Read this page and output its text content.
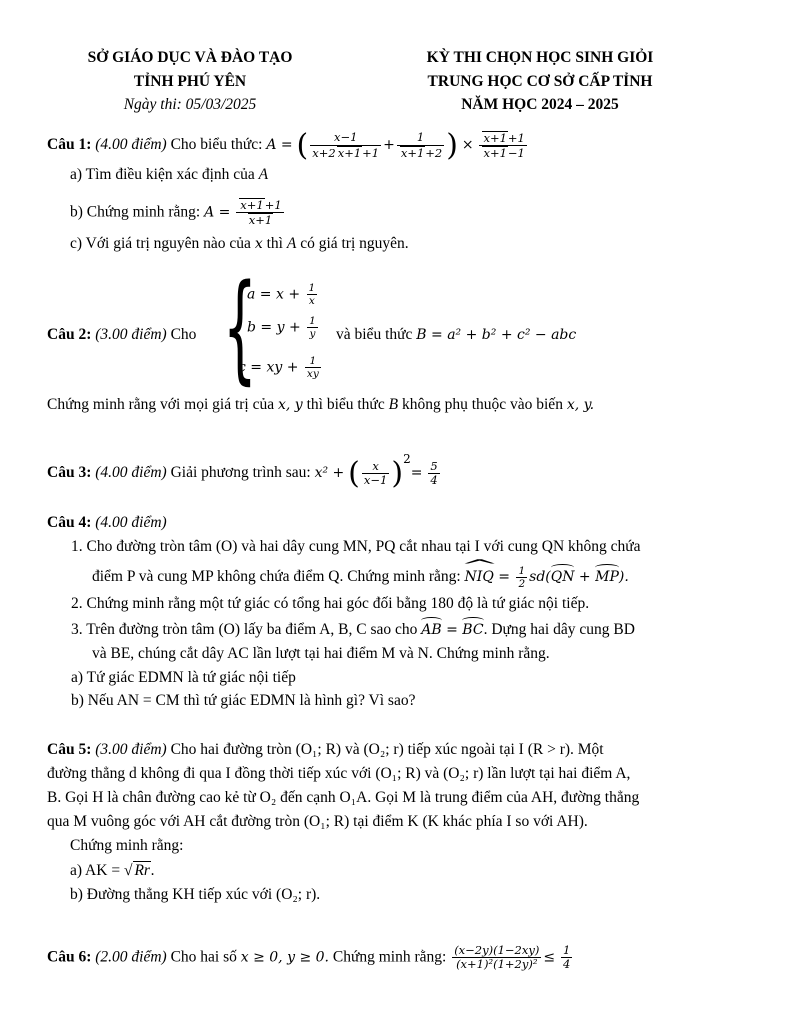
SỞ GIÁO DỤC VÀ ĐÀO TẠO
TỈNH PHÚ YÊN
Ngày thi: 05/03/2025
KỲ THI CHỌN HỌC SINH GIỎI
TRUNG HỌC CƠ SỞ CẤP TỈNH
NĂM HỌC 2024 – 2025
Câu 1: (4.00 điểm) Cho biểu thức: A = ( $\frac{x-1}{x+2 x+1+1} + \frac{1}{x+1+2}$ ) × $\frac{x+1+1}{x+1-1}$
a) Tìm điều kiện xác định của A
b) Chứng minh rằng: $A = \frac{x+1+1}{x+1}$
c) Với giá trị nguyên nào của x thì A có giá trị nguyên.
Câu 2: (3.00 điểm) Cho {
$a = x + \frac{1}{x}$
$b = y + \frac{1}{y}$
c = xy + $\frac{1}{xy}$
và biểu thức B = a² + b² + c² − abc
Chứng minh rằng với mọi giá trị của x, y thì biểu thức B không phụ thuộc vào biến x, y.
Câu 3: (4.00 điểm) Giải phương trình sau: x² + ( $\frac{x}{x-1} )^2= \frac{5}{4}$
Câu 4: (4.00 điểm)
1. Cho đường tròn tâm (O) và hai dây cung MN, PQ cắt nhau tại I với cung QN không chứa
điểm P và cung MP không chứa điểm Q. Chứng minh rằng: ^ NIQ = $\frac{1}{2} sd(QN + MP)$.
2. Chứng minh rằng một tứ giác có tổng hai góc đối bằng 180 độ là tứ giác nội tiếp.
3. Trên đường tròn tâm (O) lấy ba điểm A, B, C sao cho AB = BC. Dựng hai dây cung BD
và BE, chúng cắt dây AC lần lượt tại hai điểm M và N. Chứng minh rằng.
a) Tứ giác EDMN là tứ giác nội tiếp
b) Nếu AN = CM thì tứ giác EDMN là hình gì? Vì sao?
Câu 5: (3.00 điểm) Cho hai đường tròn (O₁; R) và (O₂; r) tiếp xúc ngoài tại I (R > r). Một
đường thẳng d không đi qua I đồng thời tiếp xúc với (O₁; R) và (O₂; r) lần lượt tại hai điểm A,
B. Gọi H là chân đường cao kẻ từ O₂ đến cạnh O₁A. Gọi M là trung điểm của AH, đường thẳng
qua M vuông góc với AH cắt đường tròn (O₁; R) tại điểm K (K khác phía I so với AH).
Chứng minh rằng:
a) AK = √ Rr.
b) Đường thẳng KH tiếp xúc với (O₂; r).
Câu 6: (2.00 điểm) Cho hai số x ≥ 0, y ≥ 0. Chứng minh rằng: $\frac{(x-2y)(1-2xy)}{\text{(x+1)²(1+2y)²}} \le \frac{1}{4}$
